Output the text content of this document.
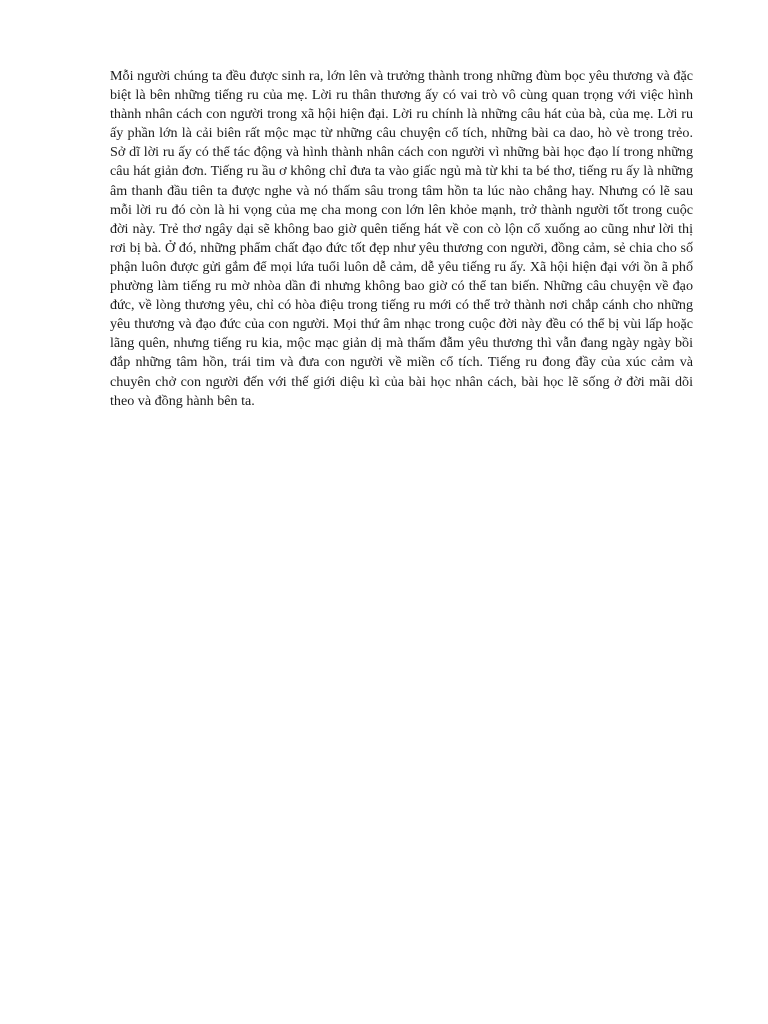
Mỗi người chúng ta đều được sinh ra, lớn lên và trưởng thành trong những đùm bọc yêu thương và đặc biệt là bên những tiếng ru của mẹ. Lời ru thân thương ấy có vai trò vô cùng quan trọng với việc hình thành nhân cách con người trong xã hội hiện đại. Lời ru chính là những câu hát của bà, của mẹ. Lời ru ấy phần lớn là cải biên rất mộc mạc từ những câu chuyện cổ tích, những bài ca dao, hò vè trong trẻo. Sở dĩ lời ru ấy có thể tác động và hình thành nhân cách con người vì những bài học đạo lí trong những câu hát giản đơn. Tiếng ru ầu ơ không chỉ đưa ta vào giấc ngủ mà từ khi ta bé thơ, tiếng ru ấy là những âm thanh đầu tiên ta được nghe và nó thấm sâu trong tâm hồn ta lúc nào chẳng hay. Nhưng có lẽ sau mỗi lời ru đó còn là hi vọng của mẹ cha mong con lớn lên khỏe mạnh, trở thành người tốt trong cuộc đời này. Trẻ thơ ngây dại sẽ không bao giờ quên tiếng hát về con cò lộn cổ xuống ao cũng như lời thị rơi bị bà. Ở đó, những phẩm chất đạo đức tốt đẹp như yêu thương con người, đồng cảm, sẻ chia cho số phận luôn được gửi gắm để mọi lứa tuổi luôn dễ cảm, dễ yêu tiếng ru ấy. Xã hội hiện đại với ồn ã phố phường làm tiếng ru mờ nhòa dần đi nhưng không bao giờ có thể tan biến. Những câu chuyện về đạo đức, về lòng thương yêu, chỉ có hòa điệu trong tiếng ru mới có thể trở thành nơi chắp cánh cho những yêu thương và đạo đức của con người. Mọi thứ âm nhạc trong cuộc đời này đều có thể bị vùi lấp hoặc lãng quên, nhưng tiếng ru kia, mộc mạc giản dị mà thấm đẫm yêu thương thì vẫn đang ngày ngày bồi đắp những tâm hồn, trái tim và đưa con người về miền cổ tích. Tiếng ru đong đầy của xúc cảm và chuyên chở con người đến với thế giới diệu kì của bài học nhân cách, bài học lẽ sống ở đời mãi dõi theo và đồng hành bên ta.
